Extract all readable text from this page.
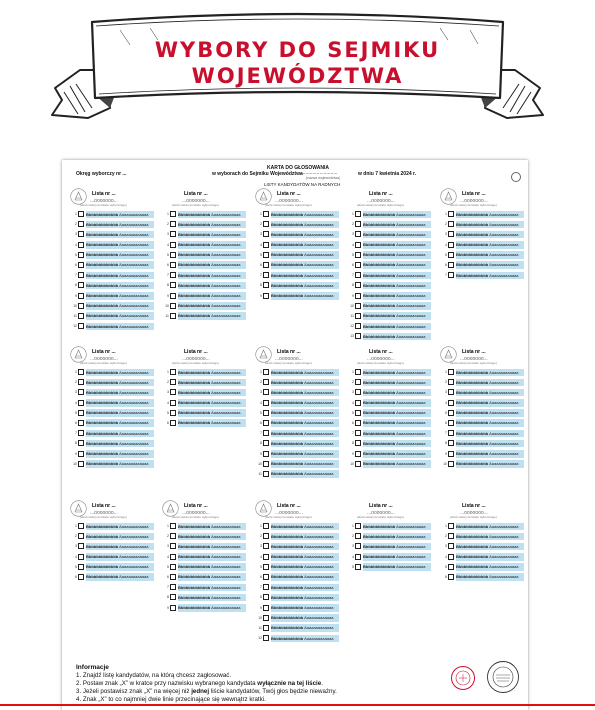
WYBORY DO SEJMIKU
WOJEWÓDZTWA
KARTA DO GŁOSOWANIA
Okręg wyborczy nr ...	w wyborach do Sejmiku Województwa
...........................
(nazwa województwa)
w dniu 7 kwietnia 2024 r.
LISTY KANDYDATÓW NA RADNYCH
Lista nr ...
...ooooooo...
(skrót nazwy komitetu wyborczego)
1 Bbbbbbbbbbbbb Aaaaaaaaaaaaa
2 Bbbbbbbbbbbbb Aaaaaaaaaaaaa
3 Bbbbbbbbbbbbb Aaaaaaaaaaaaa
4 Bbbbbbbbbbbbb Aaaaaaaaaaaaa
5 Bbbbbbbbbbbbb Aaaaaaaaaaaaa
6 Bbbbbbbbbbbbb Aaaaaaaaaaaaa
7 Bbbbbbbbbbbbb Aaaaaaaaaaaaa
8 Bbbbbbbbbbbbb Aaaaaaaaaaaaa
9 Bbbbbbbbbbbbb Aaaaaaaaaaaaa
10 Bbbbbbbbbbbbb Aaaaaaaaaaaaa
11 Bbbbbbbbbbbbb Aaaaaaaaaaaaa
12 Bbbbbbbbbbbbb Aaaaaaaaaaaaa
Lista nr ...
...ooooooo...
(skrót nazwy komitetu wyborczego)
1 Bbbbbbbbbbbbb Aaaaaaaaaaaaa
2 Bbbbbbbbbbbbb Aaaaaaaaaaaaa
3 Bbbbbbbbbbbbb Aaaaaaaaaaaaa
4 Bbbbbbbbbbbbb Aaaaaaaaaaaaa
5 Bbbbbbbbbbbbb Aaaaaaaaaaaaa
6 Bbbbbbbbbbbbb Aaaaaaaaaaaaa
7 Bbbbbbbbbbbbb Aaaaaaaaaaaaa
8 Bbbbbbbbbbbbb Aaaaaaaaaaaaa
9 Bbbbbbbbbbbbb Aaaaaaaaaaaaa
10 Bbbbbbbbbbbbb Aaaaaaaaaaaaa
11 Bbbbbbbbbbbbb Aaaaaaaaaaaaa
Lista nr ...
...ooooooo...
(skrót nazwy komitetu wyborczego)
1 Bbbbbbbbbbbbb Aaaaaaaaaaaaa
2 Bbbbbbbbbbbbb Aaaaaaaaaaaaa
3 Bbbbbbbbbbbbb Aaaaaaaaaaaaa
4 Bbbbbbbbbbbbb Aaaaaaaaaaaaa
5 Bbbbbbbbbbbbb Aaaaaaaaaaaaa
6 Bbbbbbbbbbbbb Aaaaaaaaaaaaa
7 Bbbbbbbbbbbbb Aaaaaaaaaaaaa
8 Bbbbbbbbbbbbb Aaaaaaaaaaaaa
9 Bbbbbbbbbbbbb Aaaaaaaaaaaaa
Lista nr ...
...ooooooo...
(skrót nazwy komitetu wyborczego)
1 Bbbbbbbbbbbbb Aaaaaaaaaaaaa
2 Bbbbbbbbbbbbb Aaaaaaaaaaaaa
3 Bbbbbbbbbbbbb Aaaaaaaaaaaaa
4 Bbbbbbbbbbbbb Aaaaaaaaaaaaa
5 Bbbbbbbbbbbbb Aaaaaaaaaaaaa
6 Bbbbbbbbbbbbb Aaaaaaaaaaaaa
7 Bbbbbbbbbbbbb Aaaaaaaaaaaaa
8 Bbbbbbbbbbbbb Aaaaaaaaaaaaa
9 Bbbbbbbbbbbbb Aaaaaaaaaaaaa
10 Bbbbbbbbbbbbb Aaaaaaaaaaaaa
11 Bbbbbbbbbbbbb Aaaaaaaaaaaaa
12 Bbbbbbbbbbbbb Aaaaaaaaaaaaa
13 Bbbbbbbbbbbbb Aaaaaaaaaaaaa
Lista nr ...
...ooooooo...
(skrót nazwy komitetu wyborczego)
1 Bbbbbbbbbbbbb Aaaaaaaaaaaaa
2 Bbbbbbbbbbbbb Aaaaaaaaaaaaa
3 Bbbbbbbbbbbbb Aaaaaaaaaaaaa
4 Bbbbbbbbbbbbb Aaaaaaaaaaaaa
5 Bbbbbbbbbbbbb Aaaaaaaaaaaaa
6 Bbbbbbbbbbbbb Aaaaaaaaaaaaa
7 Bbbbbbbbbbbbb Aaaaaaaaaaaaa
Lista nr ...
...ooooooo...
(skrót nazwy komitetu wyborczego)
1 Bbbbbbbbbbbbb Aaaaaaaaaaaaa
2 Bbbbbbbbbbbbb Aaaaaaaaaaaaa
3 Bbbbbbbbbbbbb Aaaaaaaaaaaaa
4 Bbbbbbbbbbbbb Aaaaaaaaaaaaa
5 Bbbbbbbbbbbbb Aaaaaaaaaaaaa
6 Bbbbbbbbbbbbb Aaaaaaaaaaaaa
7 Bbbbbbbbbbbbb Aaaaaaaaaaaaa
8 Bbbbbbbbbbbbb Aaaaaaaaaaaaa
9 Bbbbbbbbbbbbb Aaaaaaaaaaaaa
10 Bbbbbbbbbbbbb Aaaaaaaaaaaaa
Lista nr ...
...ooooooo...
(skrót nazwy komitetu wyborczego)
1 Bbbbbbbbbbbbb Aaaaaaaaaaaaa
2 Bbbbbbbbbbbbb Aaaaaaaaaaaaa
3 Bbbbbbbbbbbbb Aaaaaaaaaaaaa
4 Bbbbbbbbbbbbb Aaaaaaaaaaaaa
5 Bbbbbbbbbbbbb Aaaaaaaaaaaaa
6 Bbbbbbbbbbbbb Aaaaaaaaaaaaa
Lista nr ...
...ooooooo...
(skrót nazwy komitetu wyborczego)
1 Bbbbbbbbbbbbb Aaaaaaaaaaaaa
2 Bbbbbbbbbbbbb Aaaaaaaaaaaaa
3 Bbbbbbbbbbbbb Aaaaaaaaaaaaa
4 Bbbbbbbbbbbbb Aaaaaaaaaaaaa
5 Bbbbbbbbbbbbb Aaaaaaaaaaaaa
6 Bbbbbbbbbbbbb Aaaaaaaaaaaaa
7 Bbbbbbbbbbbbb Aaaaaaaaaaaaa
8 Bbbbbbbbbbbbb Aaaaaaaaaaaaa
9 Bbbbbbbbbbbbb Aaaaaaaaaaaaa
10 Bbbbbbbbbbbbb Aaaaaaaaaaaaa
11 Bbbbbbbbbbbbb Aaaaaaaaaaaaa
Lista nr ...
...ooooooo...
(skrót nazwy komitetu wyborczego)
1 Bbbbbbbbbbbbb Aaaaaaaaaaaaa
2 Bbbbbbbbbbbbb Aaaaaaaaaaaaa
3 Bbbbbbbbbbbbb Aaaaaaaaaaaaa
4 Bbbbbbbbbbbbb Aaaaaaaaaaaaa
5 Bbbbbbbbbbbbb Aaaaaaaaaaaaa
6 Bbbbbbbbbbbbb Aaaaaaaaaaaaa
7 Bbbbbbbbbbbbb Aaaaaaaaaaaaa
8 Bbbbbbbbbbbbb Aaaaaaaaaaaaa
9 Bbbbbbbbbbbbb Aaaaaaaaaaaaa
10 Bbbbbbbbbbbbb Aaaaaaaaaaaaa
Lista nr ...
...ooooooo...
(skrót nazwy komitetu wyborczego)
1 Bbbbbbbbbbbbb Aaaaaaaaaaaaa
2 Bbbbbbbbbbbbb Aaaaaaaaaaaaa
3 Bbbbbbbbbbbbb Aaaaaaaaaaaaa
4 Bbbbbbbbbbbbb Aaaaaaaaaaaaa
5 Bbbbbbbbbbbbb Aaaaaaaaaaaaa
6 Bbbbbbbbbbbbb Aaaaaaaaaaaaa
7 Bbbbbbbbbbbbb Aaaaaaaaaaaaa
8 Bbbbbbbbbbbbb Aaaaaaaaaaaaa
9 Bbbbbbbbbbbbb Aaaaaaaaaaaaa
10 Bbbbbbbbbbbbb Aaaaaaaaaaaaa
Lista nr ...
...ooooooo...
(skrót nazwy komitetu wyborczego)
1 Bbbbbbbbbbbbb Aaaaaaaaaaaaa
2 Bbbbbbbbbbbbb Aaaaaaaaaaaaa
3 Bbbbbbbbbbbbb Aaaaaaaaaaaaa
4 Bbbbbbbbbbbbb Aaaaaaaaaaaaa
5 Bbbbbbbbbbbbb Aaaaaaaaaaaaa
6 Bbbbbbbbbbbbb Aaaaaaaaaaaaa
Lista nr ...
...ooooooo...
(skrót nazwy komitetu wyborczego)
1 Bbbbbbbbbbbbb Aaaaaaaaaaaaa
2 Bbbbbbbbbbbbb Aaaaaaaaaaaaa
3 Bbbbbbbbbbbbb Aaaaaaaaaaaaa
4 Bbbbbbbbbbbbb Aaaaaaaaaaaaa
5 Bbbbbbbbbbbbb Aaaaaaaaaaaaa
6 Bbbbbbbbbbbbb Aaaaaaaaaaaaa
7 Bbbbbbbbbbbbb Aaaaaaaaaaaaa
8 Bbbbbbbbbbbbb Aaaaaaaaaaaaa
9 Bbbbbbbbbbbbb Aaaaaaaaaaaaa
Lista nr ...
...ooooooo...
(skrót nazwy komitetu wyborczego)
1 Bbbbbbbbbbbbb Aaaaaaaaaaaaa
2 Bbbbbbbbbbbbb Aaaaaaaaaaaaa
3 Bbbbbbbbbbbbb Aaaaaaaaaaaaa
4 Bbbbbbbbbbbbb Aaaaaaaaaaaaa
5 Bbbbbbbbbbbbb Aaaaaaaaaaaaa
6 Bbbbbbbbbbbbb Aaaaaaaaaaaaa
7 Bbbbbbbbbbbbb Aaaaaaaaaaaaa
8 Bbbbbbbbbbbbb Aaaaaaaaaaaaa
9 Bbbbbbbbbbbbb Aaaaaaaaaaaaa
10 Bbbbbbbbbbbbb Aaaaaaaaaaaaa
11 Bbbbbbbbbbbbb Aaaaaaaaaaaaa
12 Bbbbbbbbbbbbb Aaaaaaaaaaaaa
Lista nr ...
...ooooooo...
(skrót nazwy komitetu wyborczego)
1 Bbbbbbbbbbbbb Aaaaaaaaaaaaa
2 Bbbbbbbbbbbbb Aaaaaaaaaaaaa
3 Bbbbbbbbbbbbb Aaaaaaaaaaaaa
4 Bbbbbbbbbbbbb Aaaaaaaaaaaaa
5 Bbbbbbbbbbbbb Aaaaaaaaaaaaa
Lista nr ...
...ooooooo...
(skrót nazwy komitetu wyborczego)
1 Bbbbbbbbbbbbb Aaaaaaaaaaaaa
2 Bbbbbbbbbbbbb Aaaaaaaaaaaaa
3 Bbbbbbbbbbbbb Aaaaaaaaaaaaa
4 Bbbbbbbbbbbbb Aaaaaaaaaaaaa
5 Bbbbbbbbbbbbb Aaaaaaaaaaaaa
6 Bbbbbbbbbbbbb Aaaaaaaaaaaaa
Informacje
1. Znajdź listę kandydatów, na którą chcesz zagłosować.
2. Postaw znak „X” w kratce przy nazwisku wybranego kandydata wyłącznie na tej liście.
3. Jeżeli postawisz znak „X” na więcej niż jednej liście kandydatów, Twój głos będzie nieważny.
4. Znak „X” to co najmniej dwie linie przecinające się wewnątrz kratki.
